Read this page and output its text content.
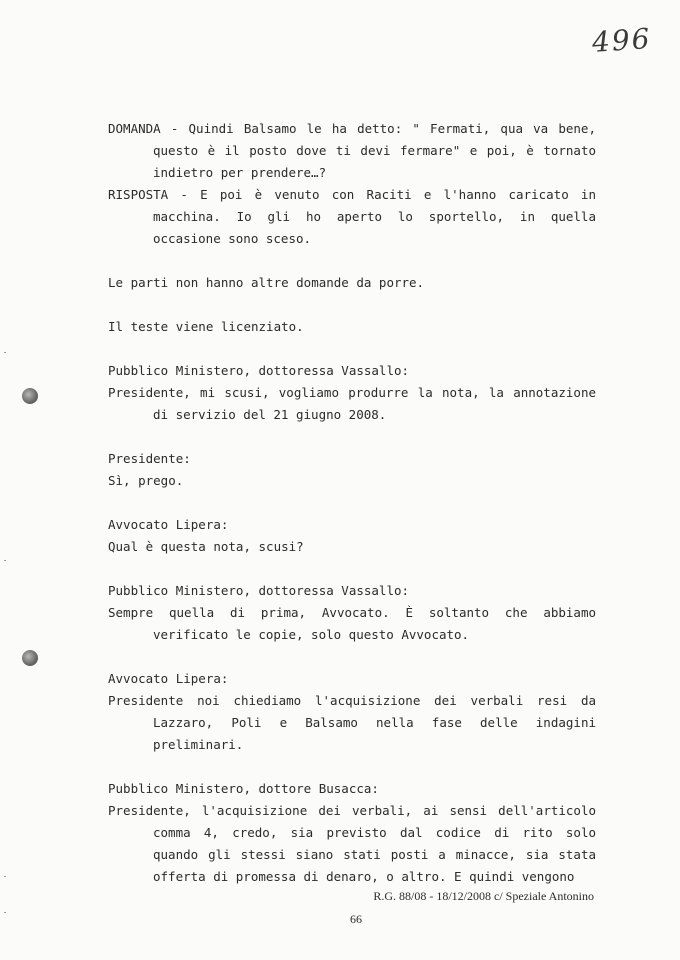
496

DOMANDA - Quindi Balsamo le ha detto: " Fermati, qua va bene, questo è il posto dove ti devi fermare" e poi, è tornato indietro per prendere…?

RISPOSTA - E poi è venuto con Raciti e l'hanno caricato in macchina. Io gli ho aperto lo sportello, in quella occasione sono sceso.

Le parti non hanno altre domande da porre.

Il teste viene licenziato.

Pubblico Ministero, dottoressa Vassallo:
Presidente, mi scusi, vogliamo produrre la nota, la annotazione di servizio del 21 giugno 2008.
Presidente:
Sì, prego.
Avvocato Lipera:
Qual è questa nota, scusi?
Pubblico Ministero, dottoressa Vassallo:
Sempre quella di prima, Avvocato. È soltanto che abbiamo verificato le copie, solo questo Avvocato.
Avvocato Lipera:
Presidente noi chiediamo l'acquisizione dei verbali resi da Lazzaro, Poli e Balsamo nella fase delle indagini preliminari.
Pubblico Ministero, dottore Busacca:
Presidente, l'acquisizione dei verbali, ai sensi dell'articolo comma 4, credo, sia previsto dal codice di rito solo quando gli stessi siano stati posti a minacce, sia stata offerta di promessa di denaro, o altro. E quindi vengono
R.G. 88/08 - 18/12/2008 c/ Speziale Antonino
66
